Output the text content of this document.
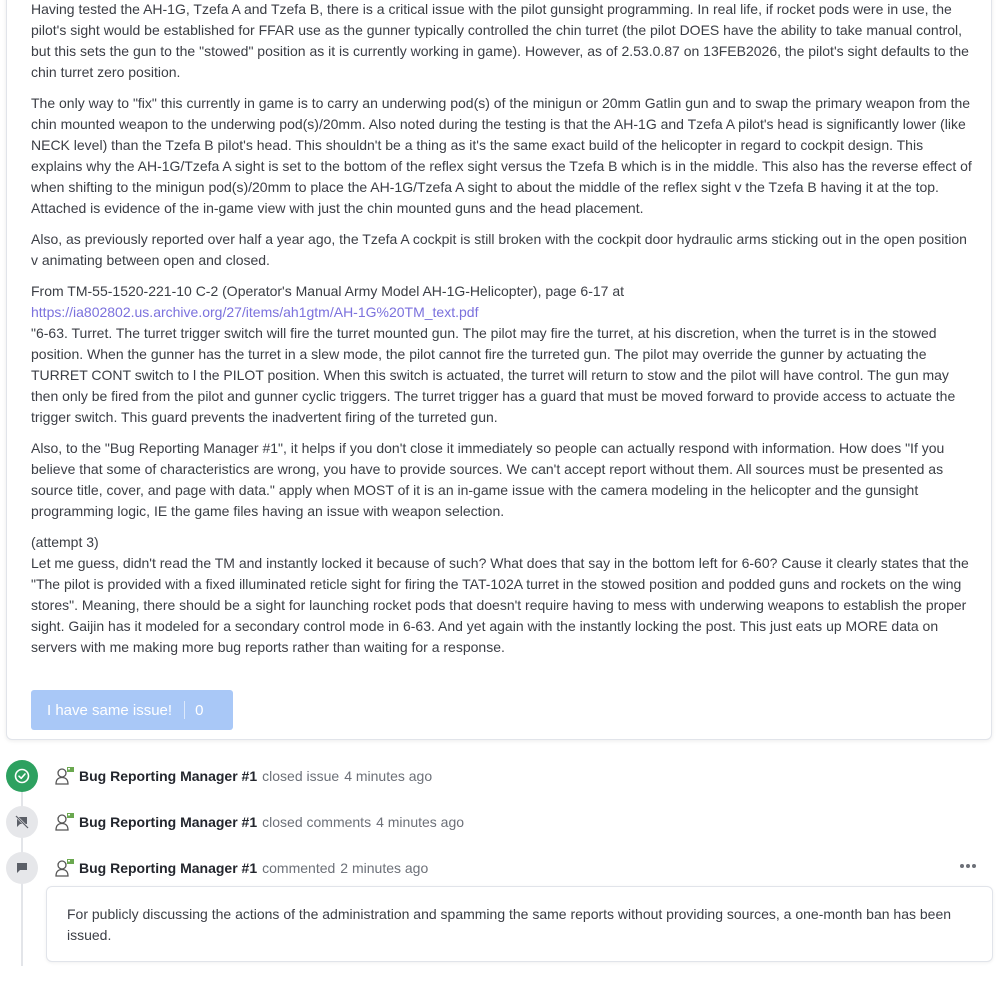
Having tested the AH-1G, Tzefa A and Tzefa B, there is a critical issue with the pilot gunsight programming. In real life, if rocket pods were in use, the pilot's sight would be established for FFAR use as the gunner typically controlled the chin turret (the pilot DOES have the ability to take manual control, but this sets the gun to the "stowed" position as it is currently working in game). However, as of 2.53.0.87 on 13FEB2026, the pilot's sight defaults to the chin turret zero position.

The only way to "fix" this currently in game is to carry an underwing pod(s) of the minigun or 20mm Gatlin gun and to swap the primary weapon from the chin mounted weapon to the underwing pod(s)/20mm. Also noted during the testing is that the AH-1G and Tzefa A pilot's head is significantly lower (like NECK level) than the Tzefa B pilot's head. This shouldn't be a thing as it's the same exact build of the helicopter in regard to cockpit design. This explains why the AH-1G/Tzefa A sight is set to the bottom of the reflex sight versus the Tzefa B which is in the middle. This also has the reverse effect of when shifting to the minigun pod(s)/20mm to place the AH-1G/Tzefa A sight to about the middle of the reflex sight v the Tzefa B having it at the top. Attached is evidence of the in-game view with just the chin mounted guns and the head placement.

Also, as previously reported over half a year ago, the Tzefa A cockpit is still broken with the cockpit door hydraulic arms sticking out in the open position v animating between open and closed.

From TM-55-1520-221-10 C-2 (Operator's Manual Army Model AH-1G-Helicopter), page 6-17 at
https://ia802802.us.archive.org/27/items/ah1gtm/AH-1G%20TM_text.pdf
"6-63. Turret. The turret trigger switch will fire the turret mounted gun. The pilot may fire the turret, at his discretion, when the turret is in the stowed position. When the gunner has the turret in a slew mode, the pilot cannot fire the turreted gun. The pilot may override the gunner by actuating the TURRET CONT switch to l the PILOT position. When this switch is actuated, the turret will return to stow and the pilot will have control. The gun may then only be fired from the pilot and gunner cyclic triggers. The turret trigger has a guard that must be moved forward to provide access to actuate the trigger switch. This guard prevents the inadvertent firing of the turreted gun.

Also, to the "Bug Reporting Manager #1", it helps if you don't close it immediately so people can actually respond with information. How does "If you believe that some of characteristics are wrong, you have to provide sources. We can't accept report without them. All sources must be presented as source title, cover, and page with data." apply when MOST of it is an in-game issue with the camera modeling in the helicopter and the gunsight programming logic, IE the game files having an issue with weapon selection.

(attempt 3)
Let me guess, didn't read the TM and instantly locked it because of such? What does that say in the bottom left for 6-60? Cause it clearly states that the "The pilot is provided with a fixed illuminated reticle sight for firing the TAT-102A turret in the stowed position and podded guns and rockets on the wing stores". Meaning, there should be a sight for launching rocket pods that doesn't require having to mess with underwing weapons to establish the proper sight. Gaijin has it modeled for a secondary control mode in 6-63. And yet again with the instantly locking the post. This just eats up MORE data on servers with me making more bug reports rather than waiting for a response.

I have same issue! 0
Bug Reporting Manager #1 closed issue 4 minutes ago
Bug Reporting Manager #1 closed comments 4 minutes ago
Bug Reporting Manager #1 commented 2 minutes ago
For publicly discussing the actions of the administration and spamming the same reports without providing sources, a one-month ban has been issued.
